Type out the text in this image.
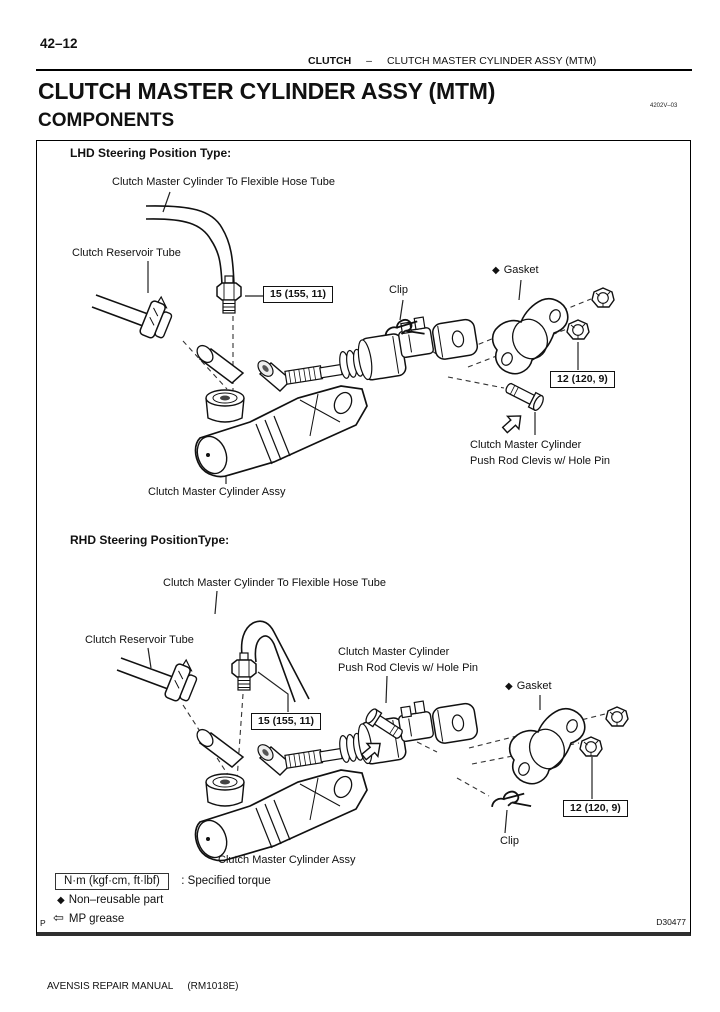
42–12
CLUTCH – CLUTCH MASTER CYLINDER ASSY (MTM)
CLUTCH MASTER CYLINDER ASSY (MTM)
COMPONENTS
4202V–03
LHD Steering Position Type:
Clutch Master Cylinder To Flexible Hose Tube
Clutch Reservoir Tube
15 (155, 11)	Clip
◆ Gasket
12 (120, 9)
Clutch Master Cylinder
Push Rod Clevis w/ Hole Pin
Clutch Master Cylinder Assy
RHD Steering PositionType:
Clutch Master Cylinder To Flexible Hose Tube
Clutch Reservoir Tube
Clutch Master Cylinder
Push Rod Clevis w/ Hole Pin
◆ Gasket
15 (155, 11)
12 (120, 9)
Clip
Clutch Master Cylinder Assy
N·m (kgf·cm, ft·lbf) : Specified torque
◆ Non–reusable part
⇦ MP grease
P	D30477
AVENSIS REPAIR MANUAL (RM1018E)
